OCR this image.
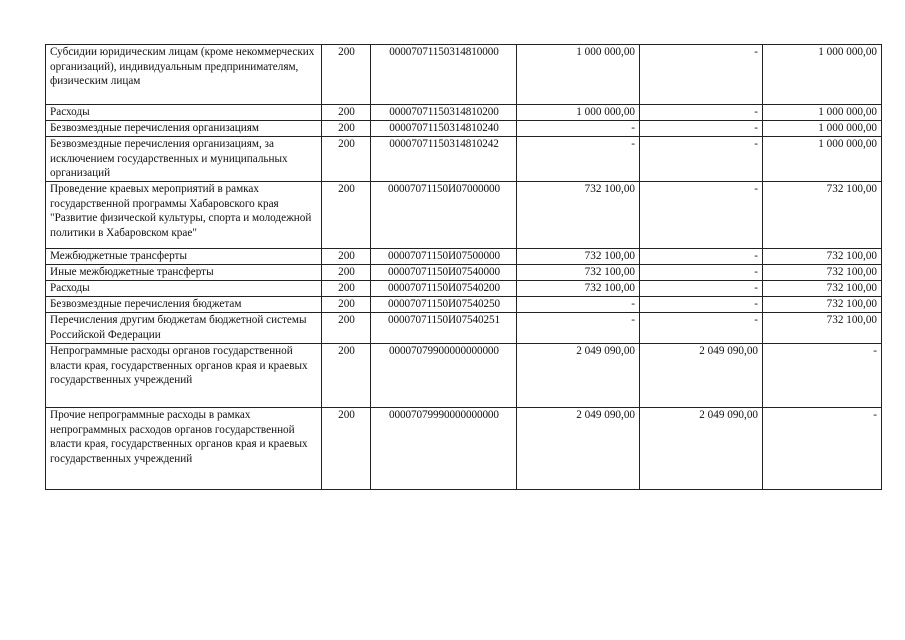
Субсидии юридическим лицам (кроме некоммерческих организаций), индивидуальным предпринимателям, физическим лицам	200	00007071150314810000	1 000 000,00	-	1 000 000,00
Расходы	200	00007071150314810200	1 000 000,00	-	1 000 000,00
Безвозмездные перечисления организациям	200	00007071150314810240	-	-	1 000 000,00
Безвозмездные перечисления организациям, за исключением государственных и муниципальных организаций	200	00007071150314810242	-	-	1 000 000,00
Проведение краевых мероприятий в рамках государственной программы Хабаровского края "Развитие физической культуры, спорта и молодежной политики в Хабаровском крае"	200	00007071150И07000000	732 100,00	-	732 100,00
Межбюджетные трансферты	200	00007071150И07500000	732 100,00	-	732 100,00
Иные межбюджетные трансферты	200	00007071150И07540000	732 100,00	-	732 100,00
Расходы	200	00007071150И07540200	732 100,00	-	732 100,00
Безвозмездные перечисления бюджетам	200	00007071150И07540250	-	-	732 100,00
Перечисления другим бюджетам бюджетной системы Российской Федерации	200	00007071150И07540251	-	-	732 100,00
Непрограммные расходы органов государственной власти края, государственных органов края и краевых государственных учреждений	200	00007079900000000000	2 049 090,00	2 049 090,00	-
Прочие непрограммные расходы в рамках непрограммных расходов органов государственной власти края, государственных органов края и краевых государственных учреждений	200	00007079990000000000	2 049 090,00	2 049 090,00	-
